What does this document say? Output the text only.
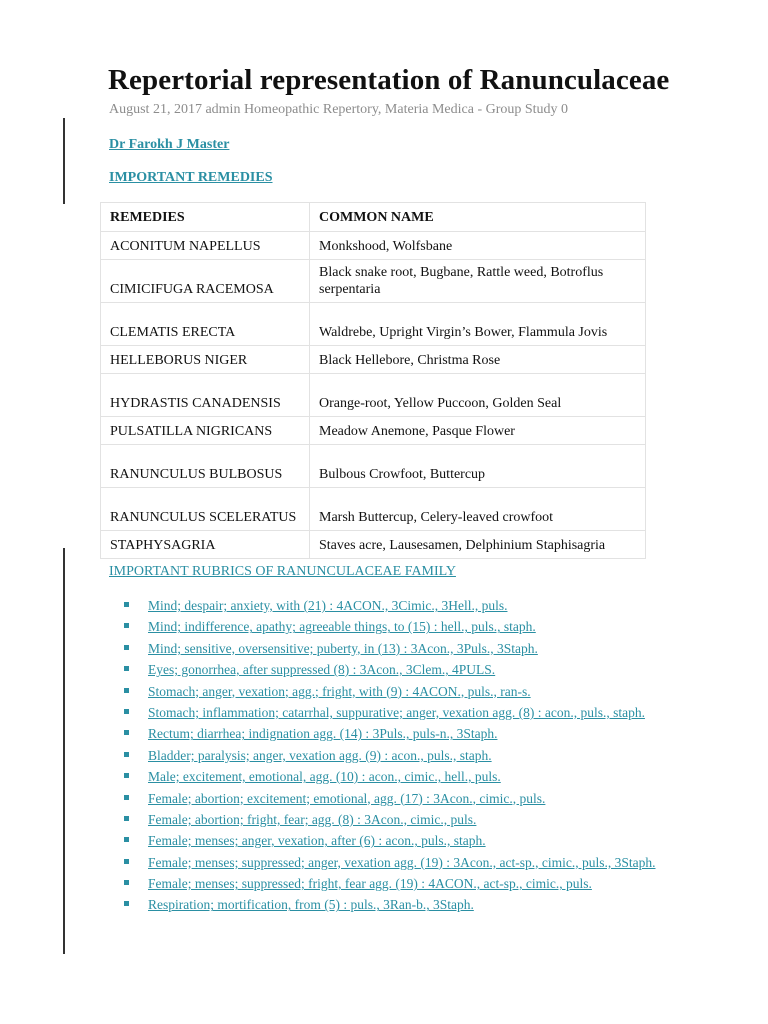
Repertorial representation of Ranunculaceae
August 21, 2017 admin Homeopathic Repertory, Materia Medica - Group Study 0
Dr Farokh J Master
IMPORTANT REMEDIES
REMEDIES	COMMON NAME
ACONITUM NAPELLUS	Monkshood, Wolfsbane
CIMICIFUGA RACEMOSA	Black snake root, Bugbane, Rattle weed, Botroflus serpentaria
CLEMATIS ERECTA	Waldrebe, Upright Virgin’s Bower, Flammula Jovis
HELLEBORUS NIGER	Black Hellebore, Christma Rose
HYDRASTIS CANADENSIS	Orange-root, Yellow Puccoon, Golden Seal
PULSATILLA NIGRICANS	Meadow Anemone, Pasque Flower
RANUNCULUS BULBOSUS	Bulbous Crowfoot, Buttercup
RANUNCULUS SCELERATUS	Marsh Buttercup, Celery-leaved crowfoot
STAPHYSAGRIA	Staves acre, Lausesamen, Delphinium Staphisagria
IMPORTANT RUBRICS OF RANUNCULACEAE FAMILY
Mind; despair; anxiety, with (21) : 4ACON., 3Cimic., 3Hell., puls.
Mind; indifference, apathy; agreeable things, to (15) : hell., puls., staph.
Mind; sensitive, oversensitive; puberty, in (13) : 3Acon., 3Puls., 3Staph.
Eyes; gonorrhea, after suppressed (8) : 3Acon., 3Clem., 4PULS.
Stomach; anger, vexation; agg.; fright, with (9) : 4ACON., puls., ran-s.
Stomach; inflammation; catarrhal, suppurative; anger, vexation agg. (8) : acon., puls., staph.
Rectum; diarrhea; indignation agg. (14) : 3Puls., puls-n., 3Staph.
Bladder; paralysis; anger, vexation agg. (9) : acon., puls., staph.
Male; excitement, emotional, agg. (10) : acon., cimic., hell., puls.
Female; abortion; excitement; emotional, agg. (17) : 3Acon., cimic., puls.
Female; abortion; fright, fear; agg. (8) : 3Acon., cimic., puls.
Female; menses; anger, vexation, after (6) : acon., puls., staph.
Female; menses; suppressed; anger, vexation agg. (19) : 3Acon., act-sp., cimic., puls., 3Staph.
Female; menses; suppressed; fright, fear agg. (19) : 4ACON., act-sp., cimic., puls.
Respiration; mortification, from (5) : puls., 3Ran-b., 3Staph.
